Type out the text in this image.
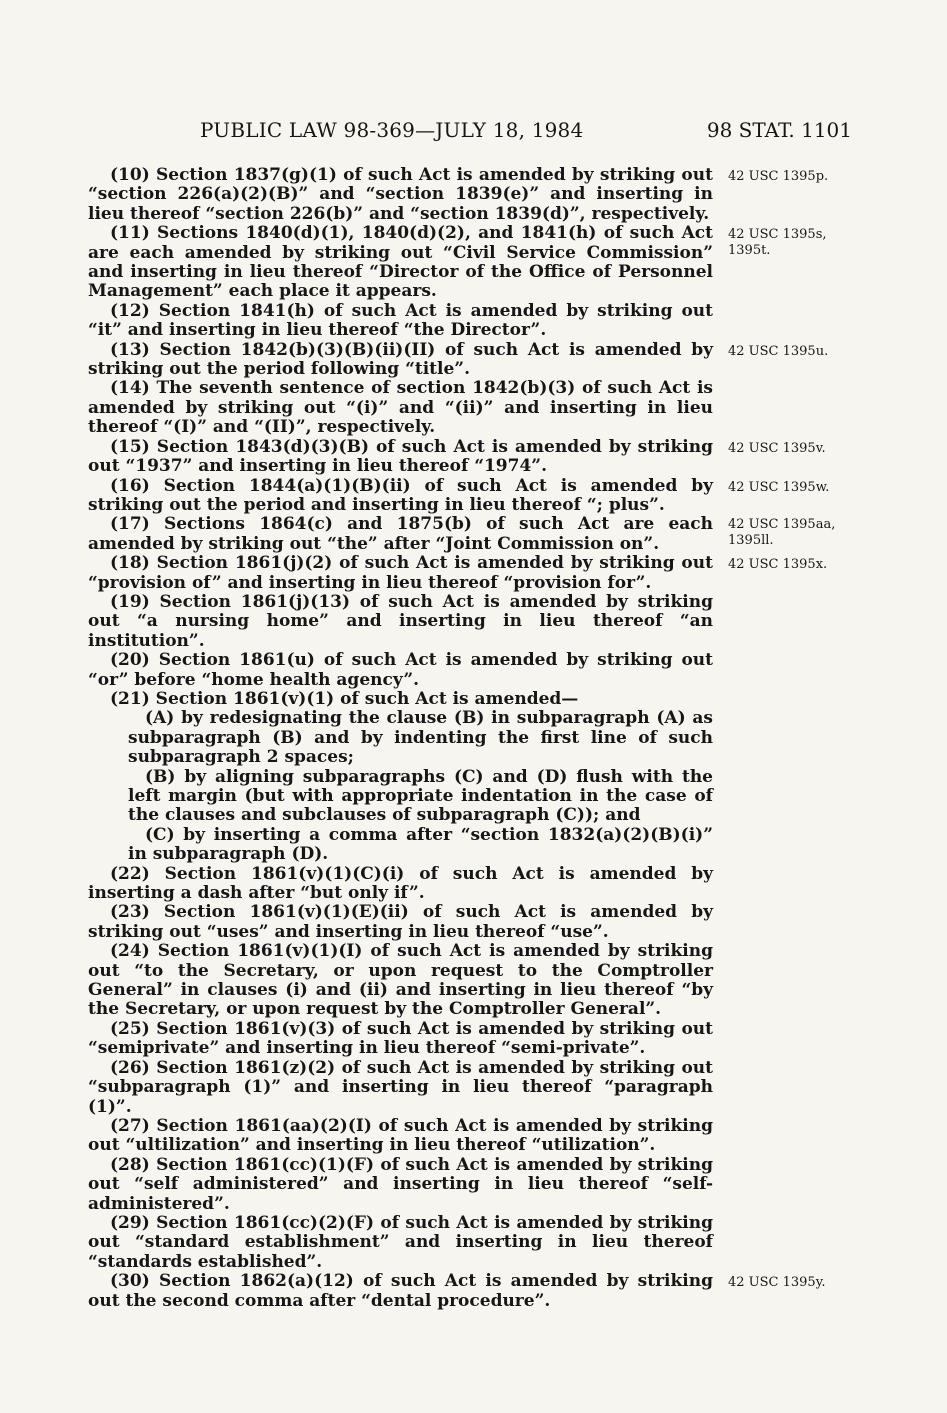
PUBLIC LAW 98-369—JULY 18, 1984	98 STAT. 1101

(10) Section 1837(g)(1) of such Act is amended by striking out “section 226(a)(2)(B)” and “section 1839(e)” and inserting in lieu thereof “section 226(b)” and “section 1839(d)”, respectively.
42 USC 1395p.

(11) Sections 1840(d)(1), 1840(d)(2), and 1841(h) of such Act are each amended by striking out “Civil Service Commission” and inserting in lieu thereof “Director of the Office of Personnel Management” each place it appears.
42 USC 1395s, 1395t.

(12) Section 1841(h) of such Act is amended by striking out “it” and inserting in lieu thereof “the Director”.

(13) Section 1842(b)(3)(B)(ii)(II) of such Act is amended by striking out the period following “title”.
42 USC 1395u.

(14) The seventh sentence of section 1842(b)(3) of such Act is amended by striking out “(i)” and “(ii)” and inserting in lieu thereof “(I)” and “(II)”, respectively.

(15) Section 1843(d)(3)(B) of such Act is amended by striking out “1937” and inserting in lieu thereof “1974”.
42 USC 1395v.

(16) Section 1844(a)(1)(B)(ii) of such Act is amended by striking out the period and inserting in lieu thereof “; plus”.
42 USC 1395w.

(17) Sections 1864(c) and 1875(b) of such Act are each amended by striking out “the” after “Joint Commission on”.
42 USC 1395aa, 1395ll.

(18) Section 1861(j)(2) of such Act is amended by striking out “provision of” and inserting in lieu thereof “provision for”.
42 USC 1395x.

(19) Section 1861(j)(13) of such Act is amended by striking out “a nursing home” and inserting in lieu thereof “an institution”.

(20) Section 1861(u) of such Act is amended by striking out “or” before “home health agency”.

(21) Section 1861(v)(1) of such Act is amended—

(A) by redesignating the clause (B) in subparagraph (A) as subparagraph (B) and by indenting the first line of such subparagraph 2 spaces;

(B) by aligning subparagraphs (C) and (D) flush with the left margin (but with appropriate indentation in the case of the clauses and subclauses of subparagraph (C)); and

(C) by inserting a comma after “section 1832(a)(2)(B)(i)” in subparagraph (D).

(22) Section 1861(v)(1)(C)(i) of such Act is amended by inserting a dash after “but only if”.

(23) Section 1861(v)(1)(E)(ii) of such Act is amended by striking out “uses” and inserting in lieu thereof “use”.

(24) Section 1861(v)(1)(I) of such Act is amended by striking out “to the Secretary, or upon request to the Comptroller General” in clauses (i) and (ii) and inserting in lieu thereof “by the Secretary, or upon request by the Comptroller General”.

(25) Section 1861(v)(3) of such Act is amended by striking out “semiprivate” and inserting in lieu thereof “semi-private”.

(26) Section 1861(z)(2) of such Act is amended by striking out “subparagraph (1)” and inserting in lieu thereof “paragraph (1)”.

(27) Section 1861(aa)(2)(I) of such Act is amended by striking out “ultilization” and inserting in lieu thereof “utilization”.

(28) Section 1861(cc)(1)(F) of such Act is amended by striking out “self administered” and inserting in lieu thereof “self-administered”.

(29) Section 1861(cc)(2)(F) of such Act is amended by striking out “standard establishment” and inserting in lieu thereof “standards established”.

(30) Section 1862(a)(12) of such Act is amended by striking out the second comma after “dental procedure”.
42 USC 1395y.
